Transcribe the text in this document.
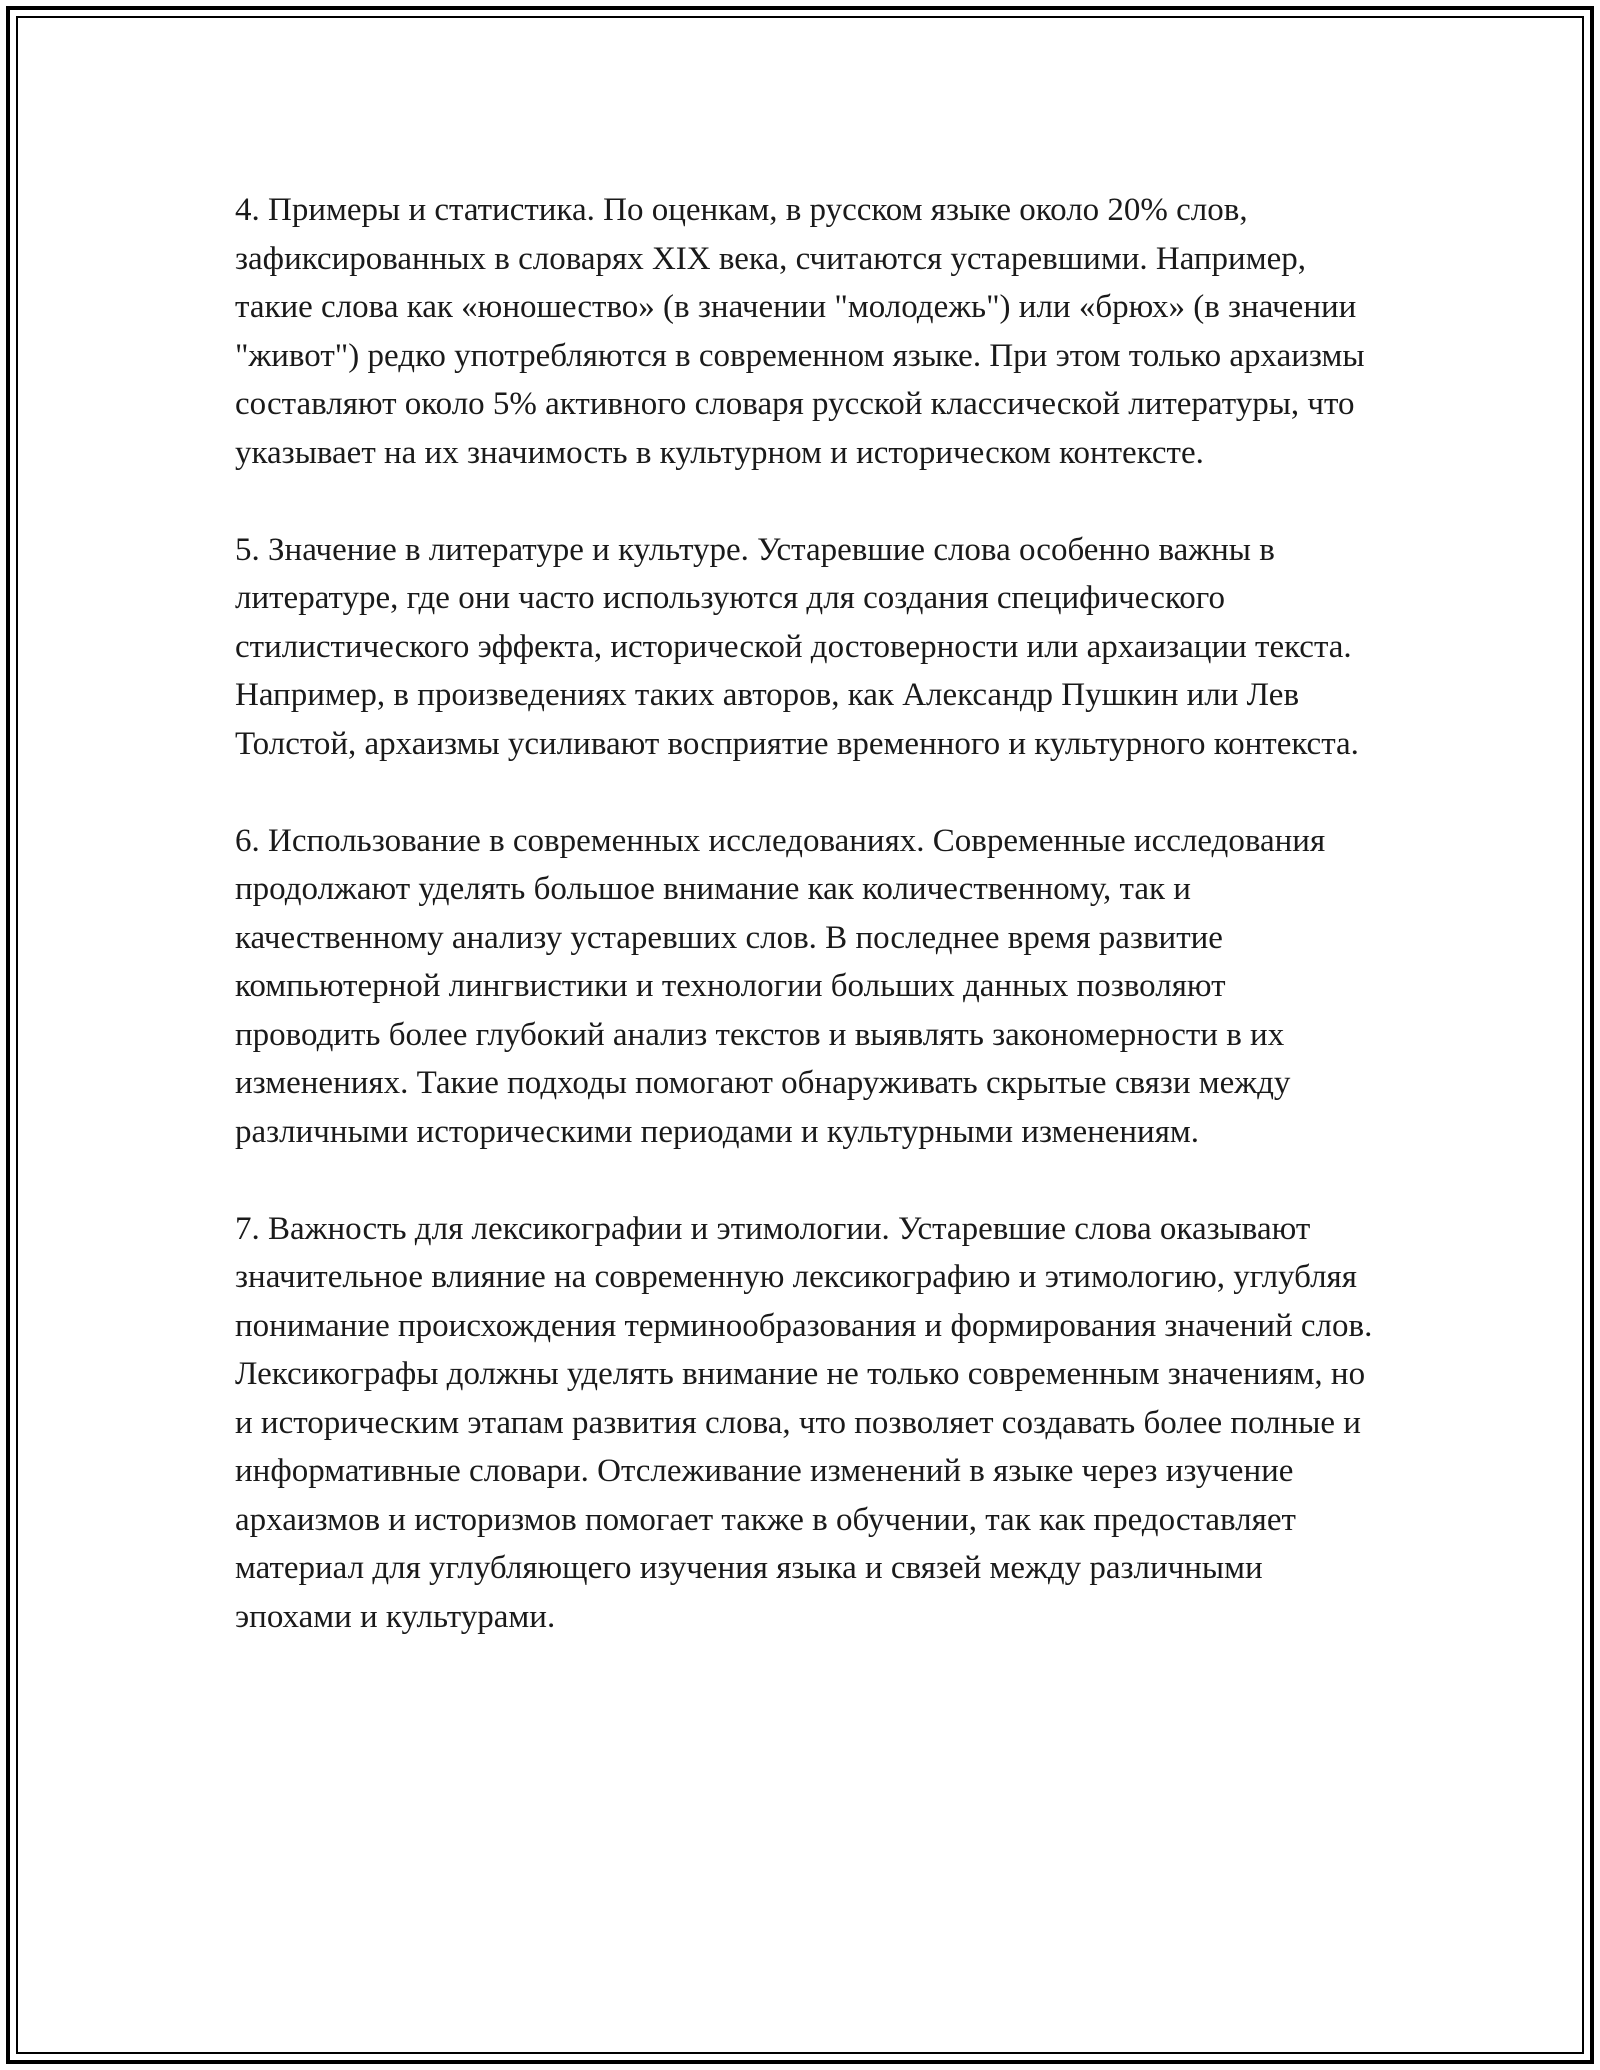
4. Примеры и статистика. По оценкам, в русском языке около 20% слов, зафиксированных в словарях XIX века, считаются устаревшими. Например, такие слова как «юношество» (в значении "молодежь") или «брюх» (в значении "живот") редко употребляются в современном языке. При этом только архаизмы составляют около 5% активного словаря русской классической литературы, что указывает на их значимость в культурном и историческом контексте.

5. Значение в литературе и культуре. Устаревшие слова особенно важны в литературе, где они часто используются для создания специфического стилистического эффекта, исторической достоверности или архаизации текста. Например, в произведениях таких авторов, как Александр Пушкин или Лев Толстой, архаизмы усиливают восприятие временного и культурного контекста.

6. Использование в современных исследованиях. Современные исследования продолжают уделять большое внимание как количественному, так и качественному анализу устаревших слов. В последнее время развитие компьютерной лингвистики и технологии больших данных позволяют проводить более глубокий анализ текстов и выявлять закономерности в их изменениях. Такие подходы помогают обнаруживать скрытые связи между различными историческими периодами и культурными изменениям.

7. Важность для лексикографии и этимологии. Устаревшие слова оказывают значительное влияние на современную лексикографию и этимологию, углубляя понимание происхождения терминообразования и формирования значений слов. Лексикографы должны уделять внимание не только современным значениям, но и историческим этапам развития слова, что позволяет создавать более полные и информативные словари. Отслеживание изменений в языке через изучение архаизмов и историзмов помогает также в обучении, так как предоставляет материал для углубляющего изучения языка и связей между различными эпохами и культурами.
